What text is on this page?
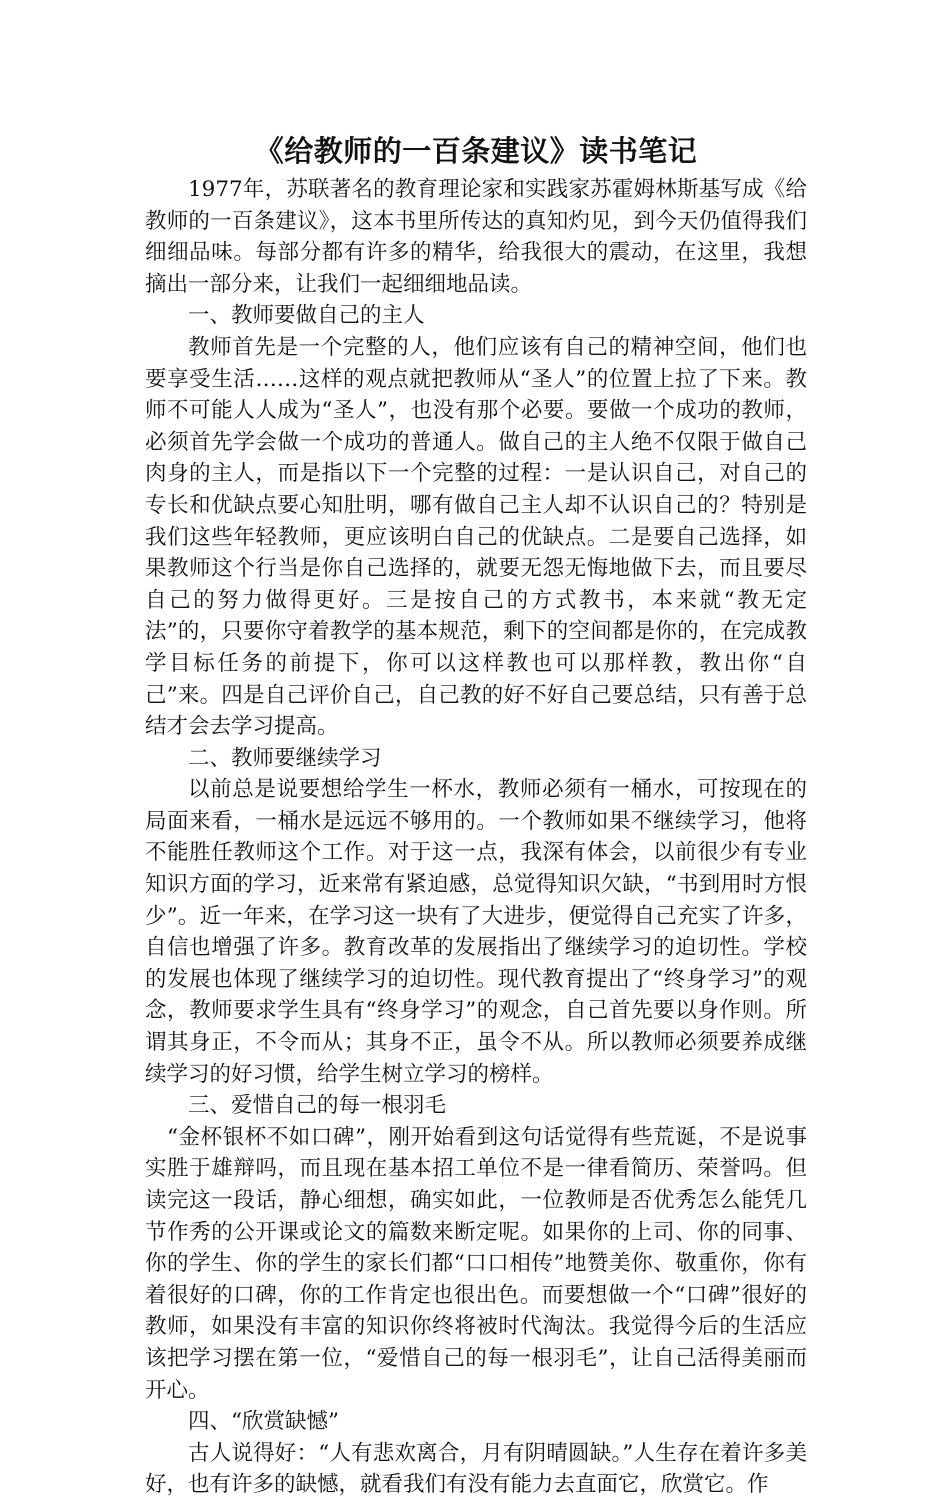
《给教师的一百条建议》读书笔记

1977年，苏联著名的教育理论家和实践家苏霍姆林斯基写成《给教师的一百条建议》，这本书里所传达的真知灼见，到今天仍值得我们细细品味。每部分都有许多的精华，给我很大的震动，在这里，我想摘出一部分来，让我们一起细细地品读。

一、教师要做自己的主人

教师首先是一个完整的人，他们应该有自己的精神空间，他们也要享受生活……这样的观点就把教师从“圣人”的位置上拉了下来。教师不可能人人成为“圣人”，也没有那个必要。要做一个成功的教师，必须首先学会做一个成功的普通人。做自己的主人绝不仅限于做自己肉身的主人，而是指以下一个完整的过程：一是认识自己，对自己的专长和优缺点要心知肚明，哪有做自己主人却不认识自己的？特别是我们这些年轻教师，更应该明白自己的优缺点。二是要自己选择，如果教师这个行当是你自己选择的，就要无怨无悔地做下去，而且要尽自己的努力做得更好。三是按自己的方式教书，本来就“教无定法”的，只要你守着教学的基本规范，剩下的空间都是你的，在完成教学目标任务的前提下，你可以这样教也可以那样教，教出你“自己”来。四是自己评价自己，自己教的好不好自己要总结，只有善于总结才会去学习提高。

二、教师要继续学习

以前总是说要想给学生一杯水，教师必须有一桶水，可按现在的局面来看，一桶水是远远不够用的。一个教师如果不继续学习，他将不能胜任教师这个工作。对于这一点，我深有体会，以前很少有专业知识方面的学习，近来常有紧迫感，总觉得知识欠缺，“书到用时方恨少”。近一年来，在学习这一块有了大进步，便觉得自己充实了许多，自信也增强了许多。教育改革的发展指出了继续学习的迫切性。学校的发展也体现了继续学习的迫切性。现代教育提出了“终身学习”的观念，教师要求学生具有“终身学习”的观念，自己首先要以身作则。所谓其身正，不令而从；其身不正，虽令不从。所以教师必须要养成继续学习的好习惯，给学生树立学习的榜样。

三、爱惜自己的每一根羽毛

“金杯银杯不如口碑”，刚开始看到这句话觉得有些荒诞，不是说事实胜于雄辩吗，而且现在基本招工单位不是一律看简历、荣誉吗。但读完这一段话，静心细想，确实如此，一位教师是否优秀怎么能凭几节作秀的公开课或论文的篇数来断定呢。如果你的上司、你的同事、你的学生、你的学生的家长们都“口口相传”地赞美你、敬重你，你有着很好的口碑，你的工作肯定也很出色。而要想做一个“口碑”很好的教师，如果没有丰富的知识你终将被时代淘汰。我觉得今后的生活应该把学习摆在第一位，“爱惜自己的每一根羽毛”，让自己活得美丽而开心。

四、“欣赏缺憾”

古人说得好：“人有悲欢离合，月有阴晴圆缺。”人生存在着许多美好，也有许多的缺憾，就看我们有没有能力去直面它，欣赏它。作
